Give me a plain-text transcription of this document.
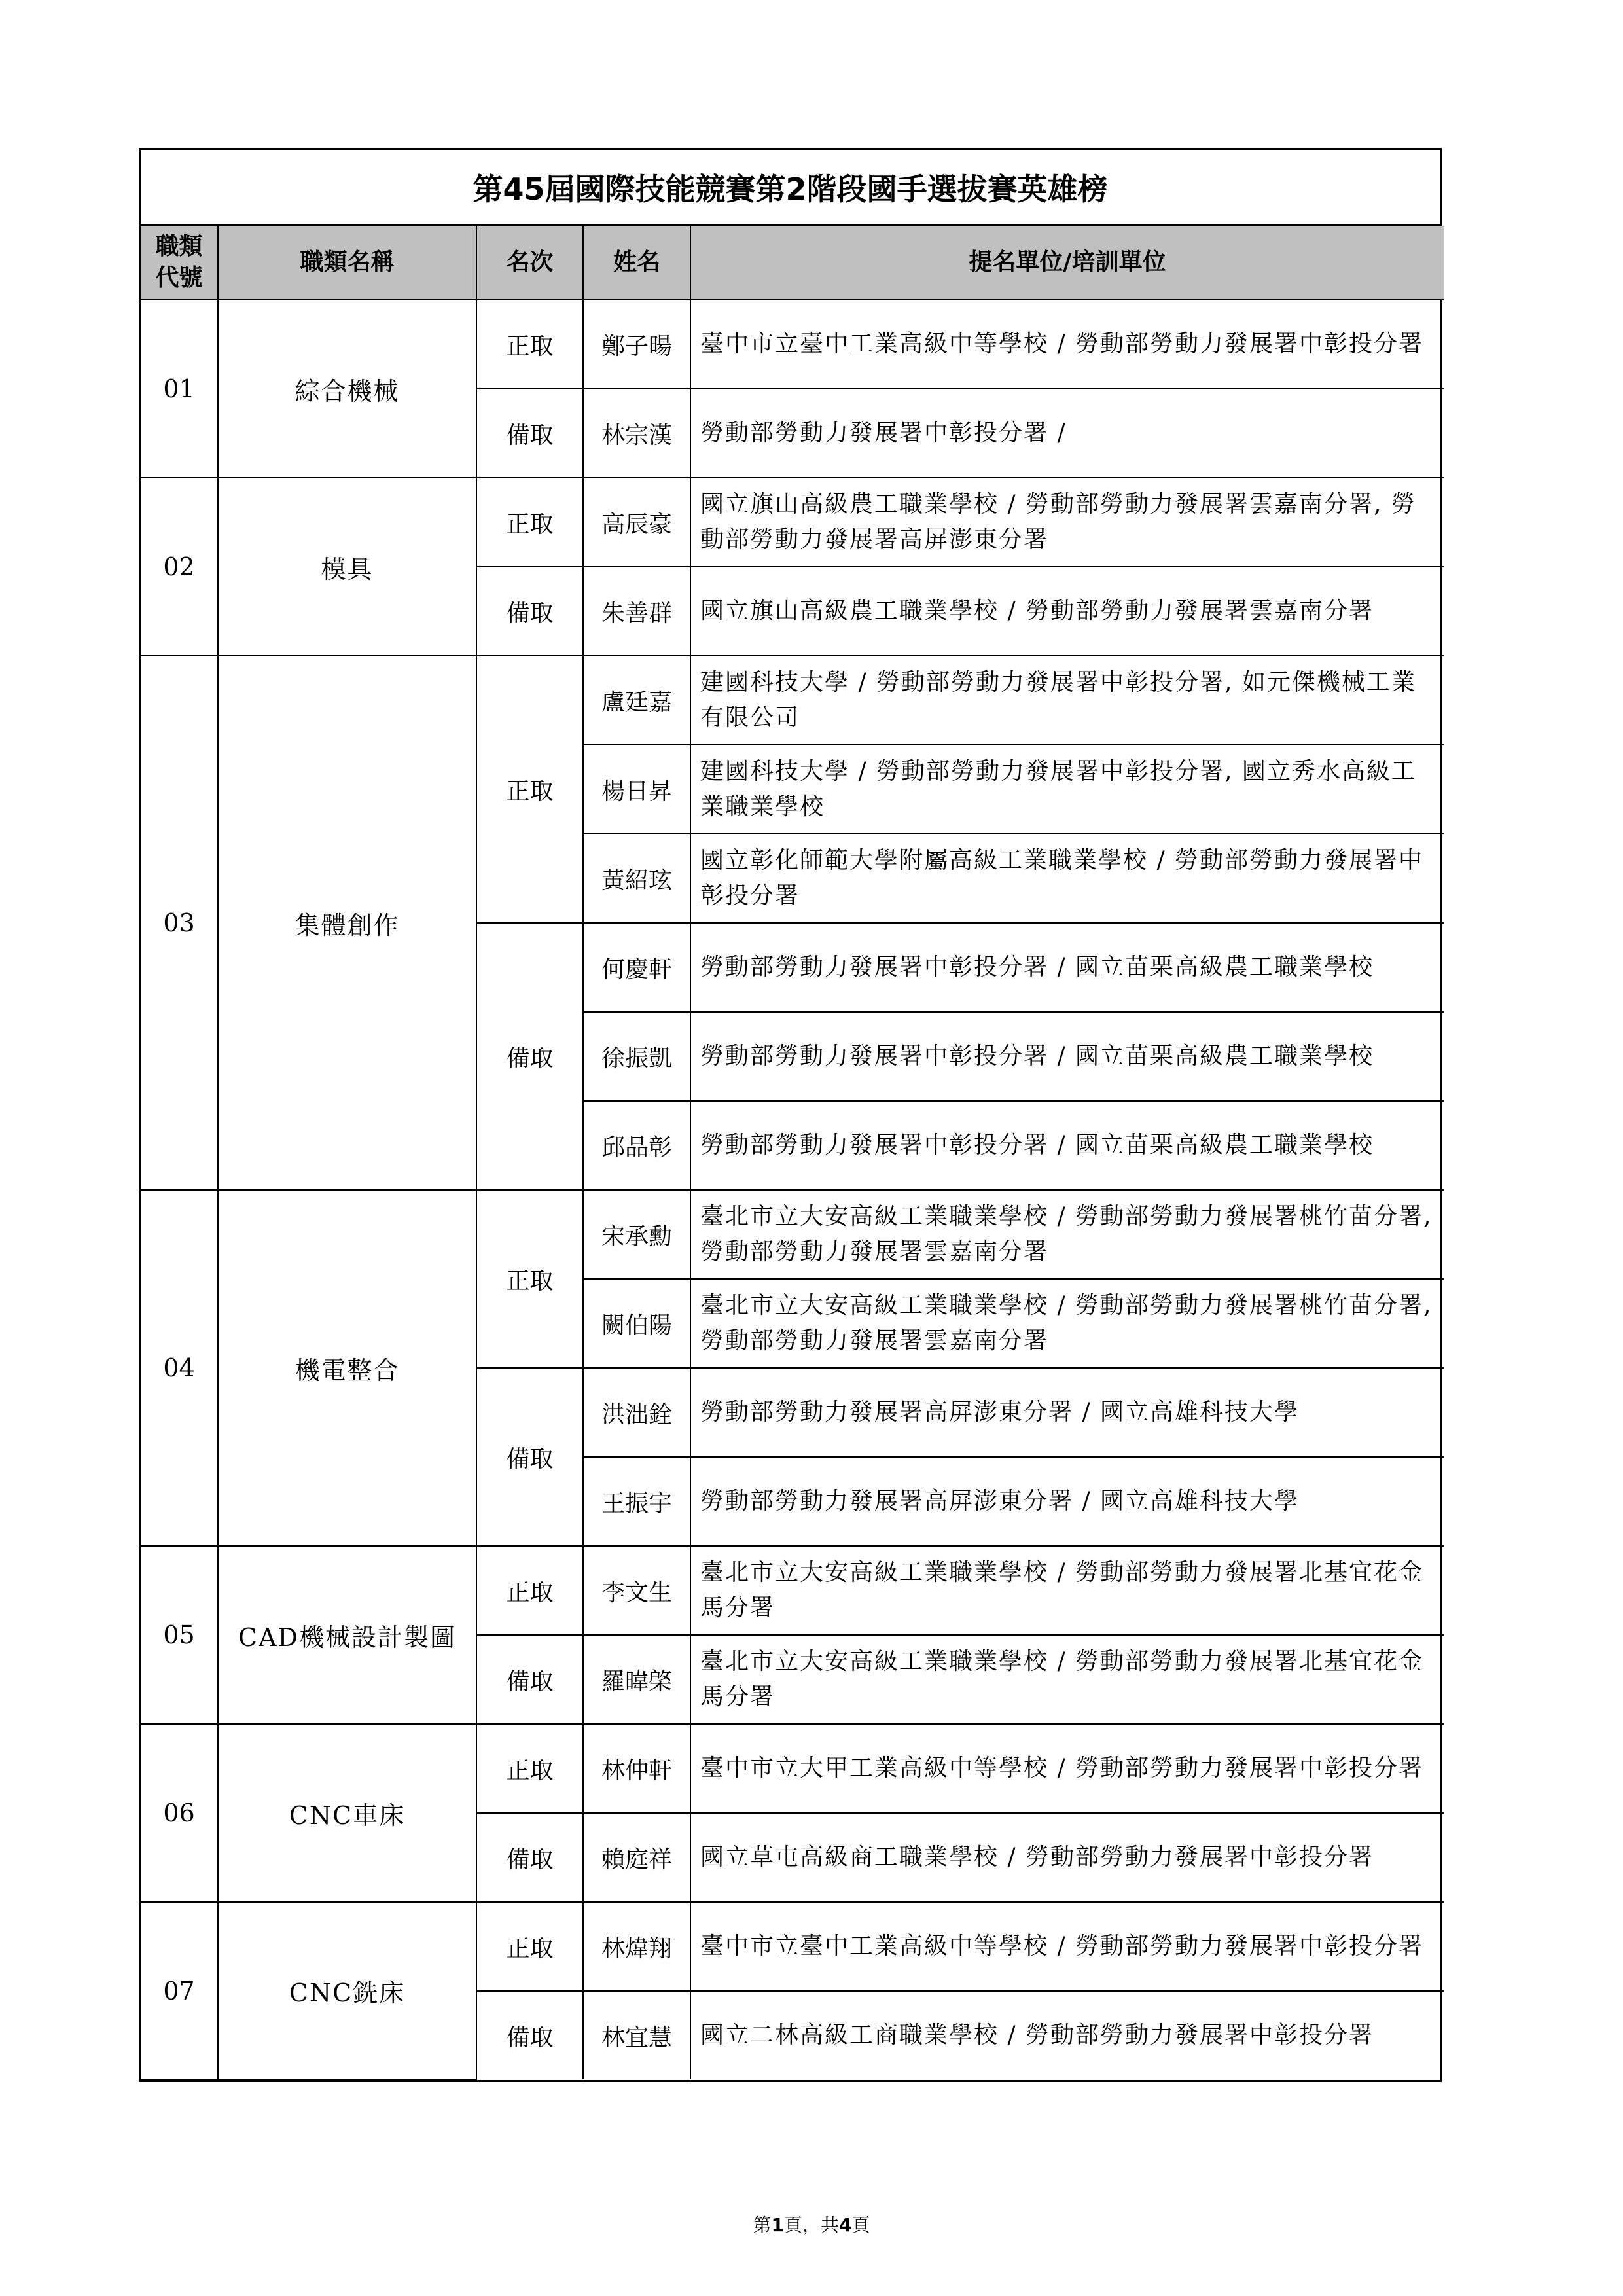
第45屆國際技能競賽第2階段國手選拔賽英雄榜
職類代號	職類名稱	名次	姓名	提名單位/培訓單位
01	綜合機械	正取	鄭子暘	臺中市立臺中工業高級中等學校 / 勞動部勞動力發展署中彰投分署
		備取	林宗漢	勞動部勞動力發展署中彰投分署 /
02	模具	正取	高辰豪	國立旗山高級農工職業學校 / 勞動部勞動力發展署雲嘉南分署, 勞動部勞動力發展署高屏澎東分署
		備取	朱善群	國立旗山高級農工職業學校 / 勞動部勞動力發展署雲嘉南分署
03	集體創作	正取	盧廷嘉	建國科技大學 / 勞動部勞動力發展署中彰投分署, 如元傑機械工業有限公司
			楊日昇	建國科技大學 / 勞動部勞動力發展署中彰投分署, 國立秀水高級工業職業學校
			黃紹玹	國立彰化師範大學附屬高級工業職業學校 / 勞動部勞動力發展署中彰投分署
		備取	何慶軒	勞動部勞動力發展署中彰投分署 / 國立苗栗高級農工職業學校
			徐振凱	勞動部勞動力發展署中彰投分署 / 國立苗栗高級農工職業學校
			邱品彰	勞動部勞動力發展署中彰投分署 / 國立苗栗高級農工職業學校
04	機電整合	正取	宋承勳	臺北市立大安高級工業職業學校 / 勞動部勞動力發展署桃竹苗分署, 勞動部勞動力發展署雲嘉南分署
			闕伯陽	臺北市立大安高級工業職業學校 / 勞動部勞動力發展署桃竹苗分署, 勞動部勞動力發展署雲嘉南分署
		備取	洪泏銓	勞動部勞動力發展署高屏澎東分署 / 國立高雄科技大學
			王振宇	勞動部勞動力發展署高屏澎東分署 / 國立高雄科技大學
05	CAD機械設計製圖	正取	李文生	臺北市立大安高級工業職業學校 / 勞動部勞動力發展署北基宜花金馬分署
		備取	羅暐棨	臺北市立大安高級工業職業學校 / 勞動部勞動力發展署北基宜花金馬分署
06	CNC車床	正取	林仲軒	臺中市立大甲工業高級中等學校 / 勞動部勞動力發展署中彰投分署
		備取	賴庭祥	國立草屯高級商工職業學校 / 勞動部勞動力發展署中彰投分署
07	CNC銑床	正取	林煒翔	臺中市立臺中工業高級中等學校 / 勞動部勞動力發展署中彰投分署
		備取	林宜慧	國立二林高級工商職業學校 / 勞動部勞動力發展署中彰投分署
第1頁，共4頁
